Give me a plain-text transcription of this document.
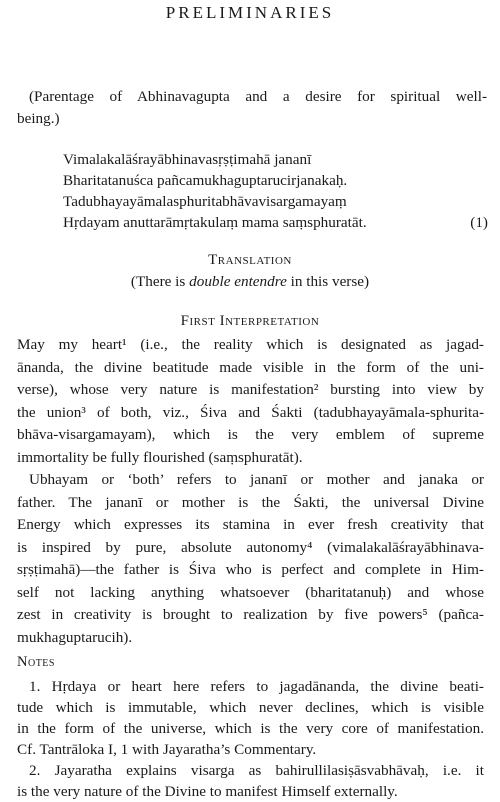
PRELIMINARIES
(Parentage of Abhinavagupta and a desire for spiritual well-
being.)
Vimalakalāśrayābhinavasṛṣṭimahā jananī
Bharitatanuśca pañcamukhaguptarucirjanakaḥ.
Tadubhayayāmalasphuritabhāvavisargamayaṃ
Hṛdayam anuttarāmṛtakulaṃ mama saṃsphuratāt.	(1)
Translation
(There is double entendre in this verse)
First Interpretation
May my heart¹ (i.e., the reality which is designated as jagad-
ānanda, the divine beatitude made visible in the form of the uni-
verse), whose very nature is manifestation² bursting into view by
the union³ of both, viz., Śiva and Śakti (tadubhayayāmala-sphurita-
bhāva-visargamayam), which is the very emblem of supreme
immortality be fully flourished (saṃsphuratāt).
Ubhayam or ‘both’ refers to jananī or mother and janaka or
father. The jananī or mother is the Śakti, the universal Divine
Energy which expresses its stamina in ever fresh creativity that
is inspired by pure, absolute autonomy⁴ (vimalakalāśrayābhinava-
sṛṣṭimahā)—the father is Śiva who is perfect and complete in Him-
self not lacking anything whatsoever (bharitatanuḥ) and whose
zest in creativity is brought to realization by five powers⁵ (pañca-
mukhaguptarucih).
Notes
1. Hṛdaya or heart here refers to jagadānanda, the divine beati-
tude which is immutable, which never declines, which is visible
in the form of the universe, which is the very core of manifestation.
Cf. Tantrāloka I, 1 with Jayaratha’s Commentary.
2. Jayaratha explains visarga as bahirullilasiṣāsvabhāvaḥ, i.e. it
is the very nature of the Divine to manifest Himself externally.
